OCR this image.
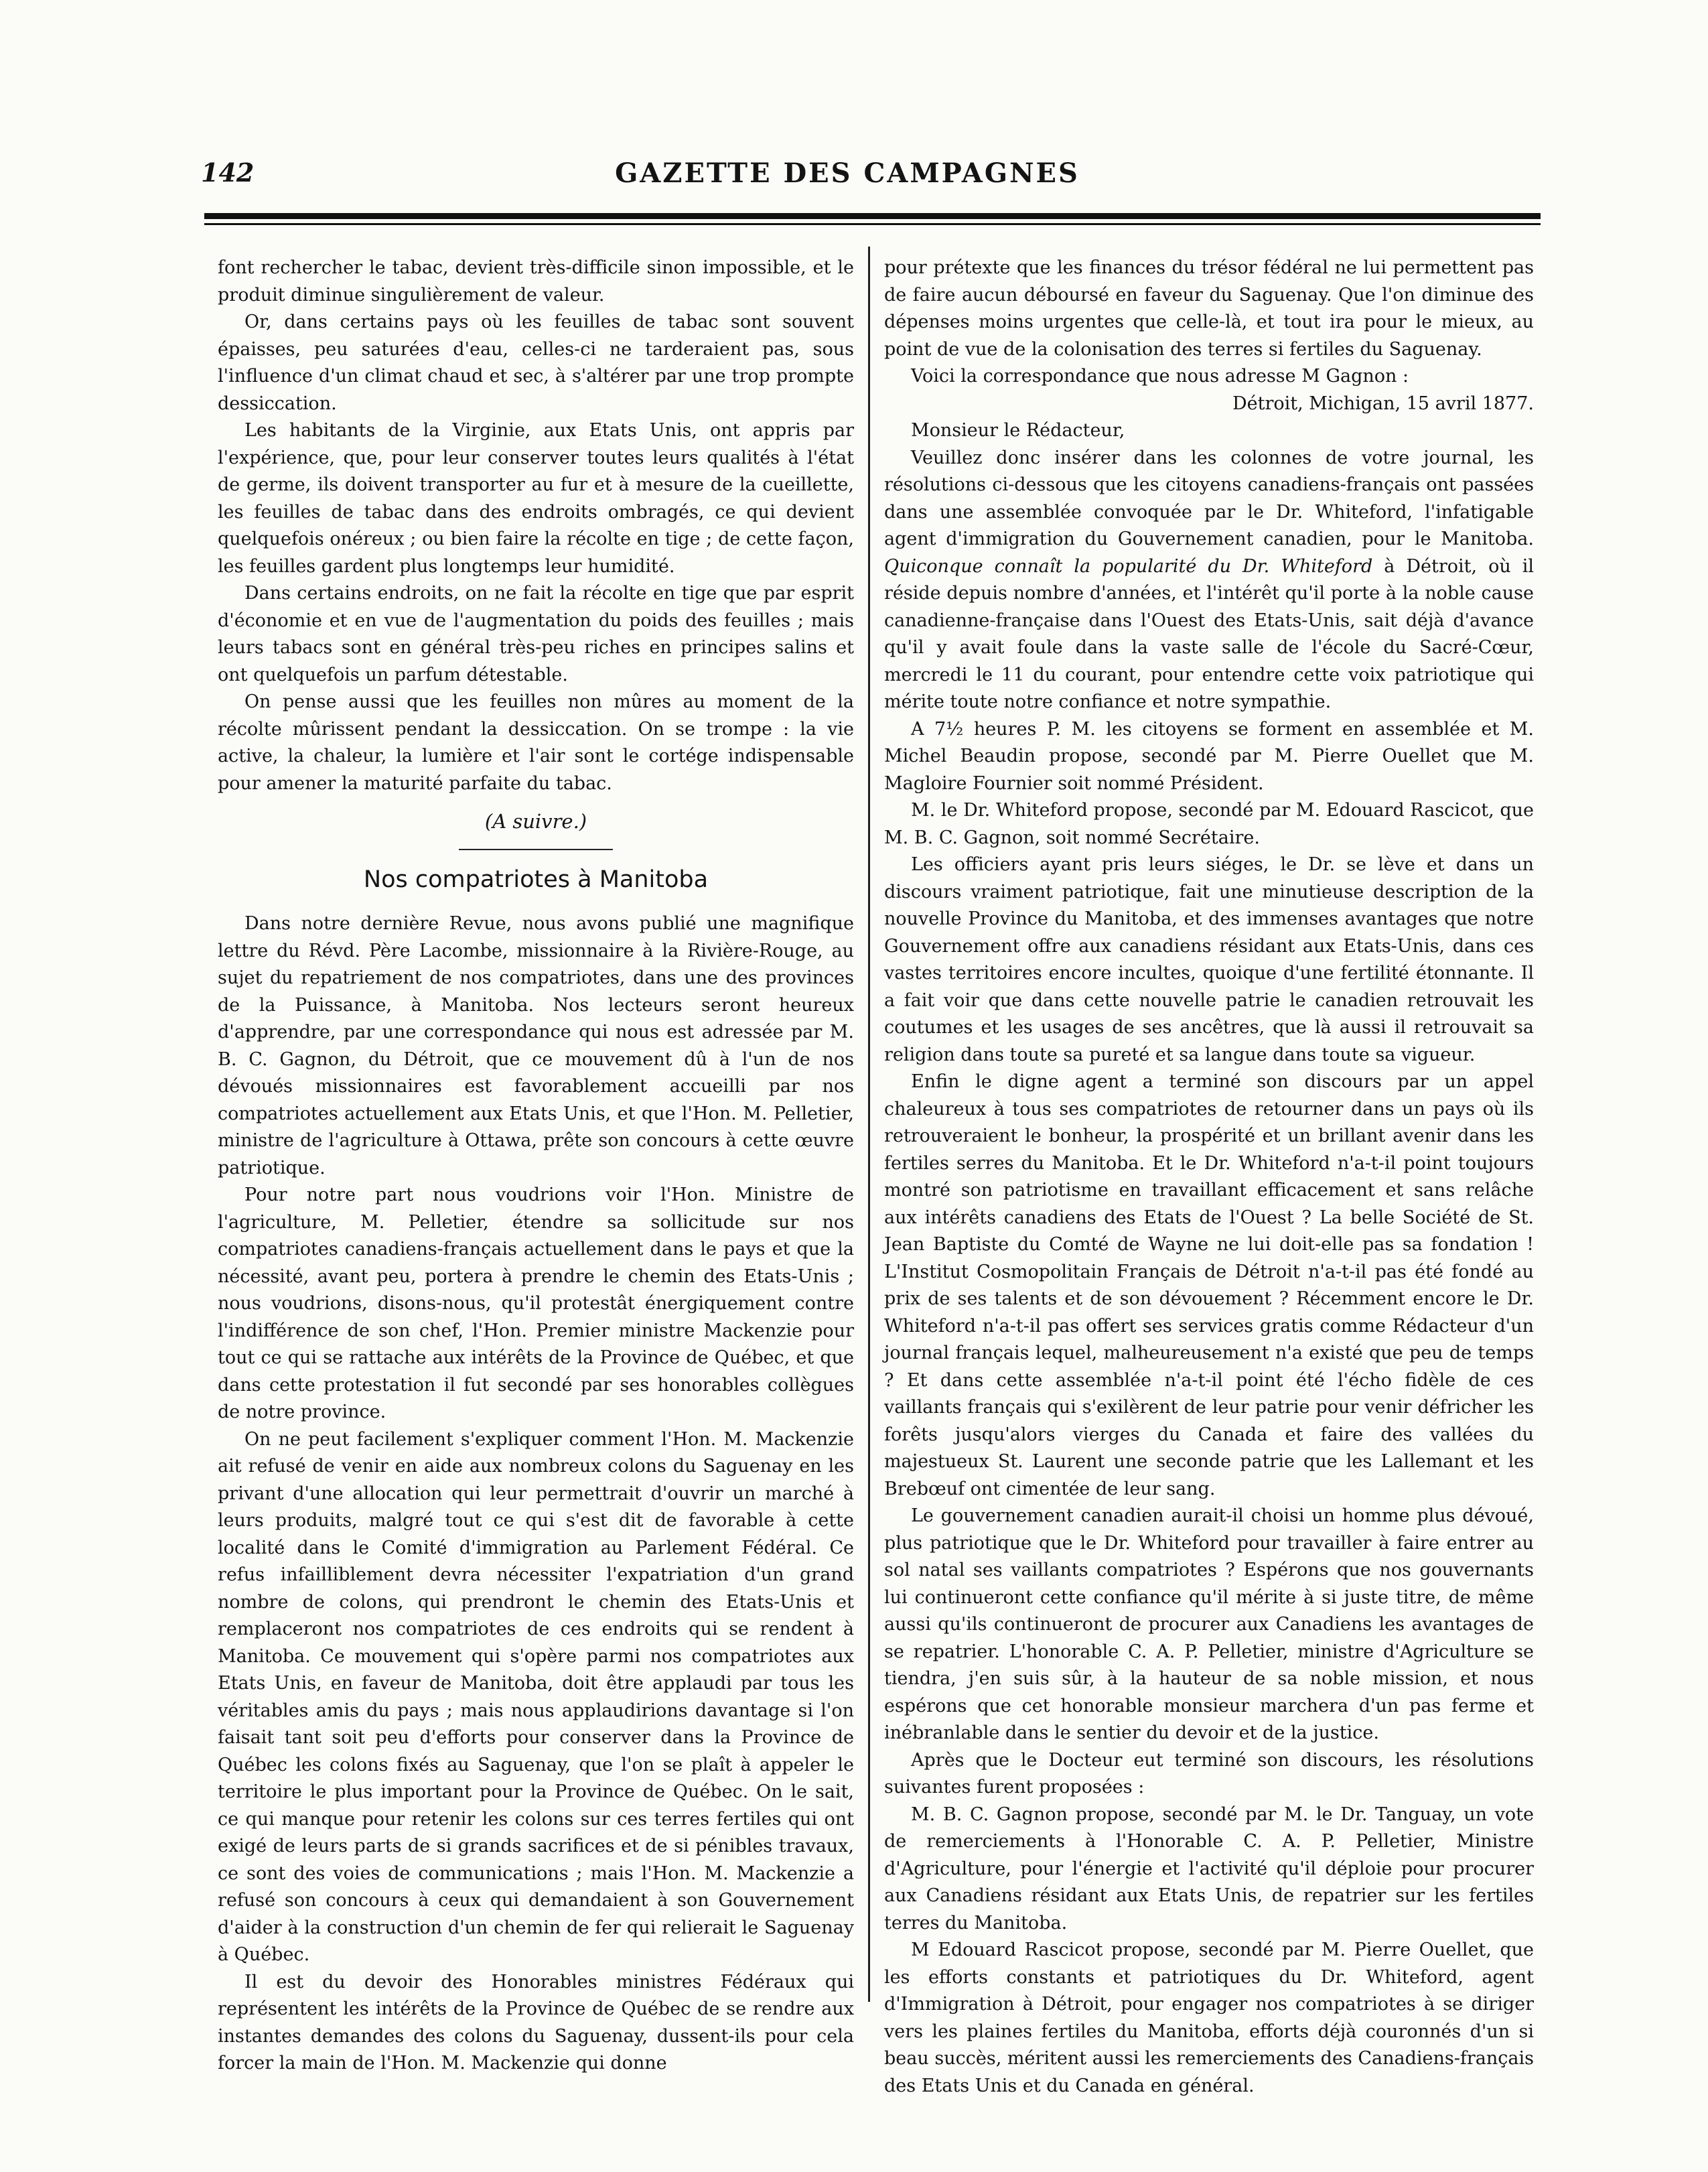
142	GAZETTE DES CAMPAGNES

font rechercher le tabac, devient très-difficile sinon impossible, et le produit diminue singulièrement de valeur.

Or, dans certains pays où les feuilles de tabac sont souvent épaisses, peu saturées d'eau, celles-ci ne tarderaient pas, sous l'influence d'un climat chaud et sec, à s'altérer par une trop prompte dessiccation.

Les habitants de la Virginie, aux Etats Unis, ont appris par l'expérience, que, pour leur conserver toutes leurs qualités à l'état de germe, ils doivent transporter au fur et à mesure de la cueillette, les feuilles de tabac dans des endroits ombragés, ce qui devient quelquefois onéreux ; ou bien faire la récolte en tige ; de cette façon, les feuilles gardent plus longtemps leur humidité.

Dans certains endroits, on ne fait la récolte en tige que par esprit d'économie et en vue de l'augmentation du poids des feuilles ; mais leurs tabacs sont en général très-peu riches en principes salins et ont quelquefois un parfum détestable.

On pense aussi que les feuilles non mûres au moment de la récolte mûrissent pendant la dessiccation. On se trompe : la vie active, la chaleur, la lumière et l'air sont le cortége indispensable pour amener la maturité parfaite du tabac.

(A suivre.)
Nos compatriotes à Manitoba

Dans notre dernière Revue, nous avons publié une magnifique lettre du Révd. Père Lacombe, missionnaire à la Rivière-Rouge, au sujet du repatriement de nos compatriotes, dans une des provinces de la Puissance, à Manitoba. Nos lecteurs seront heureux d'apprendre, par une correspondance qui nous est adressée par M. B. C. Gagnon, du Détroit, que ce mouvement dû à l'un de nos dévoués missionnaires est favorablement accueilli par nos compatriotes actuellement aux Etats Unis, et que l'Hon. M. Pelletier, ministre de l'agriculture à Ottawa, prête son concours à cette œuvre patriotique.

Pour notre part nous voudrions voir l'Hon. Ministre de l'agriculture, M. Pelletier, étendre sa sollicitude sur nos compatriotes canadiens-français actuellement dans le pays et que la nécessité, avant peu, portera à prendre le chemin des Etats-Unis ; nous voudrions, disons-nous, qu'il protestât énergiquement contre l'indifférence de son chef, l'Hon. Premier ministre Mackenzie pour tout ce qui se rattache aux intérêts de la Province de Québec, et que dans cette protestation il fut secondé par ses honorables collègues de notre province.

On ne peut facilement s'expliquer comment l'Hon. M. Mackenzie ait refusé de venir en aide aux nombreux colons du Saguenay en les privant d'une allocation qui leur permettrait d'ouvrir un marché à leurs produits, malgré tout ce qui s'est dit de favorable à cette localité dans le Comité d'immigration au Parlement Fédéral. Ce refus infailliblement devra nécessiter l'expatriation d'un grand nombre de colons, qui prendront le chemin des Etats-Unis et remplaceront nos compatriotes de ces endroits qui se rendent à Manitoba. Ce mouvement qui s'opère parmi nos compatriotes aux Etats Unis, en faveur de Manitoba, doit être applaudi par tous les véritables amis du pays ; mais nous applaudirions davantage si l'on faisait tant soit peu d'efforts pour conserver dans la Province de Québec les colons fixés au Saguenay, que l'on se plaît à appeler le territoire le plus important pour la Province de Québec. On le sait, ce qui manque pour retenir les colons sur ces terres fertiles qui ont exigé de leurs parts de si grands sacrifices et de si pénibles travaux, ce sont des voies de communications ; mais l'Hon. M. Mackenzie a refusé son concours à ceux qui demandaient à son Gouvernement d'aider à la construction d'un chemin de fer qui relierait le Saguenay à Québec.

Il est du devoir des Honorables ministres Fédéraux qui représentent les intérêts de la Province de Québec de se rendre aux instantes demandes des colons du Saguenay, dussent-ils pour cela forcer la main de l'Hon. M. Mackenzie qui donne

pour prétexte que les finances du trésor fédéral ne lui permettent pas de faire aucun déboursé en faveur du Saguenay. Que l'on diminue des dépenses moins urgentes que celle-là, et tout ira pour le mieux, au point de vue de la colonisation des terres si fertiles du Saguenay.

Voici la correspondance que nous adresse M Gagnon :

Détroit, Michigan, 15 avril 1877.

Monsieur le Rédacteur,

Veuillez donc insérer dans les colonnes de votre journal, les résolutions ci-dessous que les citoyens canadiens-français ont passées dans une assemblée convoquée par le Dr. Whiteford, l'infatigable agent d'immigration du Gouvernement canadien, pour le Manitoba. Quiconque connaît la popularité du Dr. Whiteford à Détroit, où il réside depuis nombre d'années, et l'intérêt qu'il porte à la noble cause canadienne-française dans l'Ouest des Etats-Unis, sait déjà d'avance qu'il y avait foule dans la vaste salle de l'école du Sacré-Cœur, mercredi le 11 du courant, pour entendre cette voix patriotique qui mérite toute notre confiance et notre sympathie.

A 7½ heures P. M. les citoyens se forment en assemblée et M. Michel Beaudin propose, secondé par M. Pierre Ouellet que M. Magloire Fournier soit nommé Président.

M. le Dr. Whiteford propose, secondé par M. Edouard Rascicot, que M. B. C. Gagnon, soit nommé Secrétaire.

Les officiers ayant pris leurs siéges, le Dr. se lève et dans un discours vraiment patriotique, fait une minutieuse description de la nouvelle Province du Manitoba, et des immenses avantages que notre Gouvernement offre aux canadiens résidant aux Etats-Unis, dans ces vastes territoires encore incultes, quoique d'une fertilité étonnante. Il a fait voir que dans cette nouvelle patrie le canadien retrouvait les coutumes et les usages de ses ancêtres, que là aussi il retrouvait sa religion dans toute sa pureté et sa langue dans toute sa vigueur.

Enfin le digne agent a terminé son discours par un appel chaleureux à tous ses compatriotes de retourner dans un pays où ils retrouveraient le bonheur, la prospérité et un brillant avenir dans les fertiles serres du Manitoba. Et le Dr. Whiteford n'a-t-il point toujours montré son patriotisme en travaillant efficacement et sans relâche aux intérêts canadiens des Etats de l'Ouest ? La belle Société de St. Jean Baptiste du Comté de Wayne ne lui doit-elle pas sa fondation ! L'Institut Cosmopolitain Français de Détroit n'a-t-il pas été fondé au prix de ses talents et de son dévouement ? Récemment encore le Dr. Whiteford n'a-t-il pas offert ses services gratis comme Rédacteur d'un journal français lequel, malheureusement n'a existé que peu de temps ? Et dans cette assemblée n'a-t-il point été l'écho fidèle de ces vaillants français qui s'exilèrent de leur patrie pour venir défricher les forêts jusqu'alors vierges du Canada et faire des vallées du majestueux St. Laurent une seconde patrie que les Lallemant et les Brebœuf ont cimentée de leur sang.

Le gouvernement canadien aurait-il choisi un homme plus dévoué, plus patriotique que le Dr. Whiteford pour travailler à faire entrer au sol natal ses vaillants compatriotes ? Espérons que nos gouvernants lui continueront cette confiance qu'il mérite à si juste titre, de même aussi qu'ils continueront de procurer aux Canadiens les avantages de se repatrier. L'honorable C. A. P. Pelletier, ministre d'Agriculture se tiendra, j'en suis sûr, à la hauteur de sa noble mission, et nous espérons que cet honorable monsieur marchera d'un pas ferme et inébranlable dans le sentier du devoir et de la justice.

Après que le Docteur eut terminé son discours, les résolutions suivantes furent proposées :

M. B. C. Gagnon propose, secondé par M. le Dr. Tanguay, un vote de remerciements à l'Honorable C. A. P. Pelletier, Ministre d'Agriculture, pour l'énergie et l'activité qu'il déploie pour procurer aux Canadiens résidant aux Etats Unis, de repatrier sur les fertiles terres du Manitoba.

M Edouard Rascicot propose, secondé par M. Pierre Ouellet, que les efforts constants et patriotiques du Dr. Whiteford, agent d'Immigration à Détroit, pour engager nos compatriotes à se diriger vers les plaines fertiles du Manitoba, efforts déjà couronnés d'un si beau succès, méritent aussi les remerciements des Canadiens-français des Etats Unis et du Canada en général.
